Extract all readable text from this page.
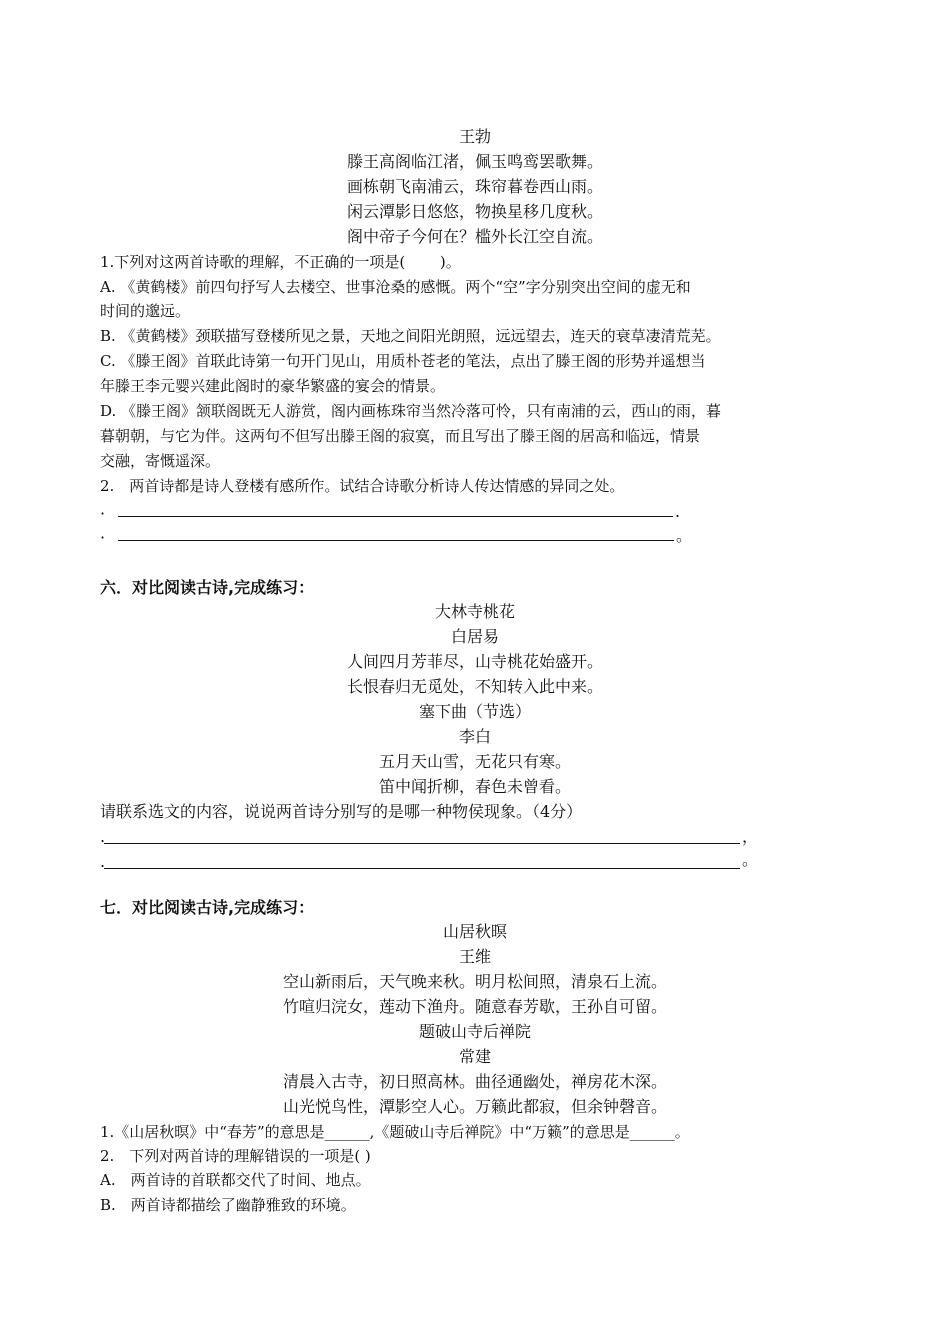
王勃
滕王高阁临江渚，佩玉鸣鸾罢歌舞。
画栋朝飞南浦云，珠帘暮卷西山雨。
闲云潭影日悠悠，物换星移几度秋。
阁中帝子今何在？槛外长江空自流。
1.下列对这两首诗歌的理解，不正确的一项是(　　 )。
A. 《黄鹤楼》前四句抒写人去楼空、世事沧桑的感慨。两个“空”字分别突出空间的虚无和
时间的邈远。
B. 《黄鹤楼》颈联描写登楼所见之景，天地之间阳光朗照，远远望去，连天的衰草凄清荒芜。
C. 《滕王阁》首联此诗第一句开门见山，用质朴苍老的笔法，点出了滕王阁的形势并遥想当
年滕王李元婴兴建此阁时的豪华繁盛的宴会的情景。
D. 《滕王阁》颔联阁既无人游赏，阁内画栋珠帘当然冷落可怜，只有南浦的云，西山的雨，暮
暮朝朝，与它为伴。这两句不但写出滕王阁的寂寞，而且写出了滕王阁的居高和临远，情景
交融，寄慨遥深。
2.　两首诗都是诗人登楼有感所作。试结合诗歌分析诗人传达情感的异同之处。
·	.
·	。
六．对比阅读古诗,完成练习：
大林寺桃花
白居易
人间四月芳菲尽，山寺桃花始盛开。
长恨春归无觅处，不知转入此中来。
塞下曲（节选）
李白
五月天山雪，无花只有寒。
笛中闻折柳，春色未曾看。
请联系选文的内容，说说两首诗分别写的是哪一种物侯现象。（4分）
.	，
.	。
七．对比阅读古诗,完成练习：
山居秋暝
王维
空山新雨后，天气晚来秋。明月松间照，清泉石上流。
竹喧归浣女，莲动下渔舟。随意春芳歇，王孙自可留。
题破山寺后禅院
常建
清晨入古寺，初日照高林。曲径通幽处，禅房花木深。
山光悦鸟性，潭影空人心。万籁此都寂，但余钟磬音。
1.《山居秋暝》中“春芳”的意思是______,《题破山寺后禅院》中“万籁”的意思是______。
2.　下列对两首诗的理解错误的一项是( )
A.　两首诗的首联都交代了时间、地点。
B.　两首诗都描绘了幽静雅致的环境。
